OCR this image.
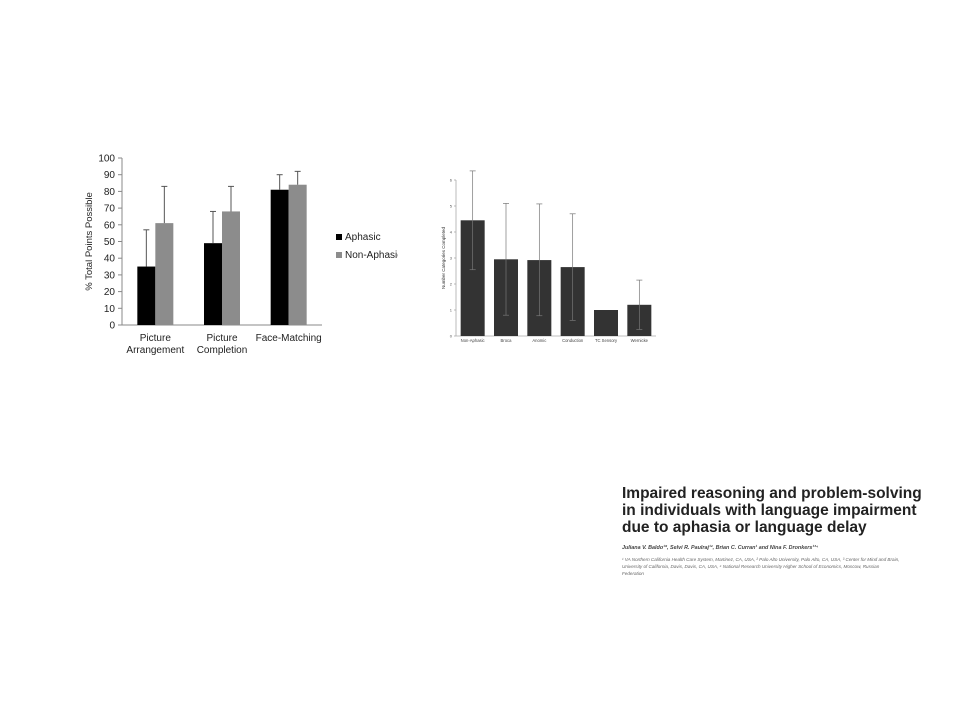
0
10
20
30
40
50
60
70
80
90
100
% Total Points Possible
Picture
Arrangement
Picture
Completion
Face-Matching
Aphasic
Non-Aphasic
0
1
2
3
4
5
6
Number Categories Completed
Non-Aphasic	Broca	Anomic	Conduction	TC Sensory	Wernicke

Impaired reasoning and problem-solving in individuals with language impairment due to aphasia or language delay

Juliana V. Baldo¹*, Selvi R. Paulraj¹², Brian C. Curran¹ and Nina F. Dronkers¹³⁴
¹ VA Northern California Health Care System, Martinez, CA, USA, ² Palo Alto University, Palo Alto, CA, USA, ³ Center for Mind and Brain, University of California, Davis, Davis, CA, USA, ⁴ National Research University Higher School of Economics, Moscow, Russian Federation
